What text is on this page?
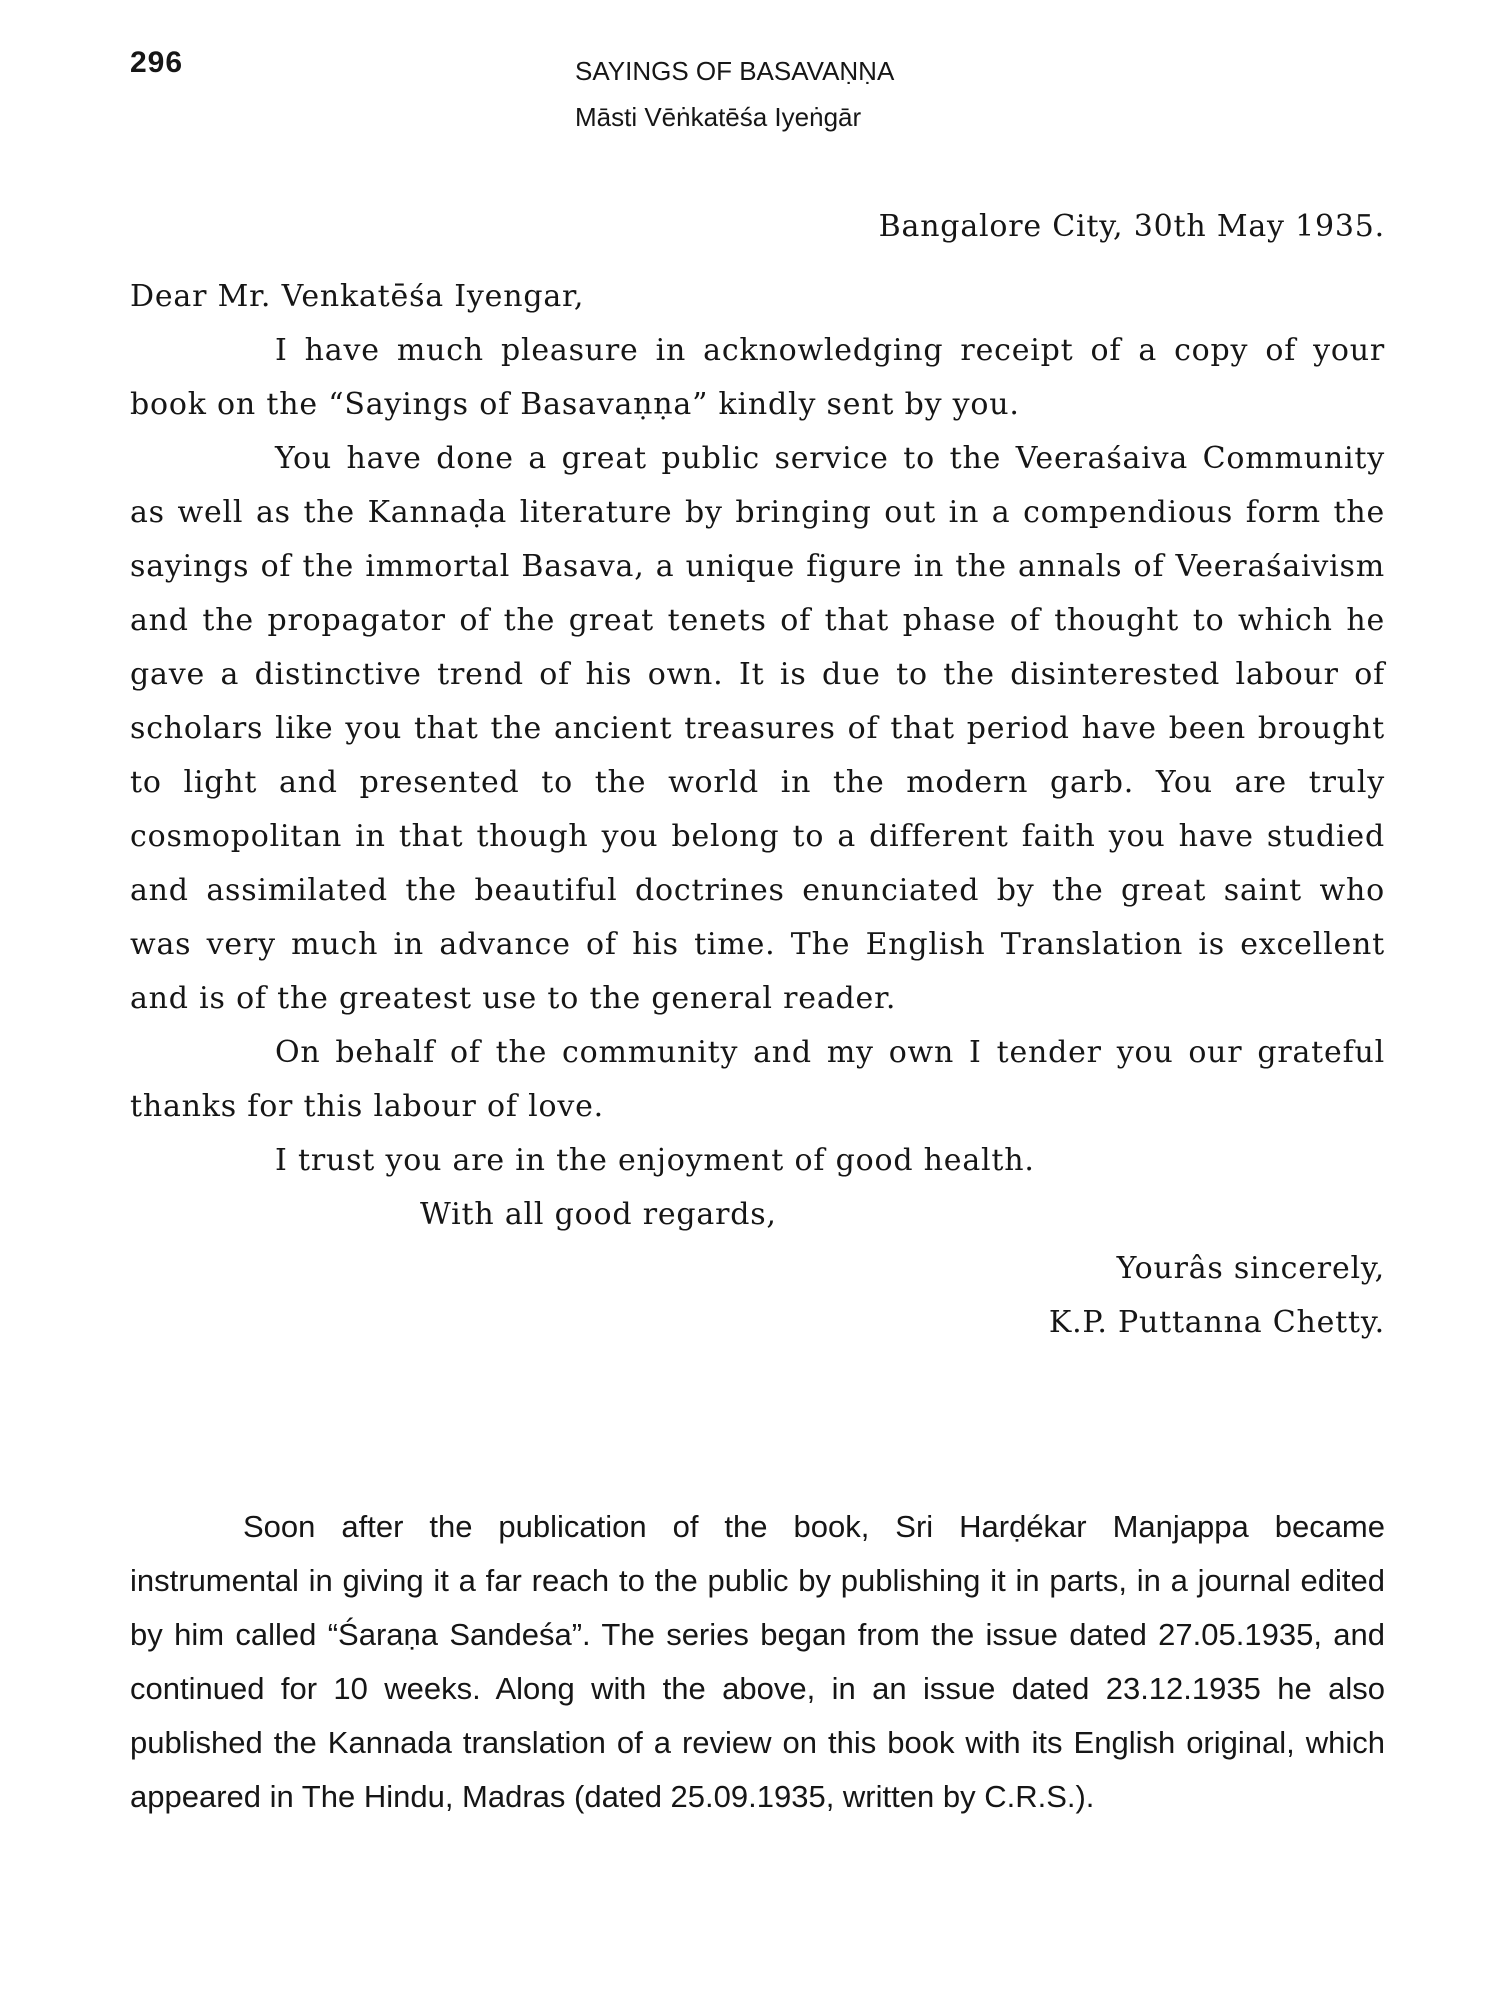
296	SAYINGS OF BASAVAṆṆA
Māsti Vēṅkatēśa Iyeṅgār

Bangalore City, 30th May 1935.

Dear Mr. Venkatēśa Iyengar,

I have much pleasure in acknowledging receipt of a copy of your book on the “Sayings of Basavaṇṇa” kindly sent by you.

You have done a great public service to the Veeraśaiva Community as well as the Kannaḍa literature by bringing out in a compendious form the sayings of the immortal Basava, a unique figure in the annals of Veeraśaivism and the propagator of the great tenets of that phase of thought to which he gave a distinctive trend of his own. It is due to the disinterested labour of scholars like you that the ancient treasures of that period have been brought to light and presented to the world in the modern garb. You are truly cosmopolitan in that though you belong to a different faith you have studied and assimilated the beautiful doctrines enunciated by the great saint who was very much in advance of his time. The English Translation is excellent and is of the greatest use to the general reader.

On behalf of the community and my own I tender you our grateful thanks for this labour of love.

I trust you are in the enjoyment of good health.

With all good regards,

Yourâs sincerely,

K.P. Puttanna Chetty.

Soon after the publication of the book, Sri Harḍékar Manjappa became instrumental in giving it a far reach to the public by publishing it in parts, in a journal edited by him called “Śaraṇa Sandeśa”. The series began from the issue dated 27.05.1935, and continued for 10 weeks. Along with the above, in an issue dated 23.12.1935 he also published the Kannada translation of a review on this book with its English original, which appeared in The Hindu, Madras (dated 25.09.1935, written by C.R.S.).
